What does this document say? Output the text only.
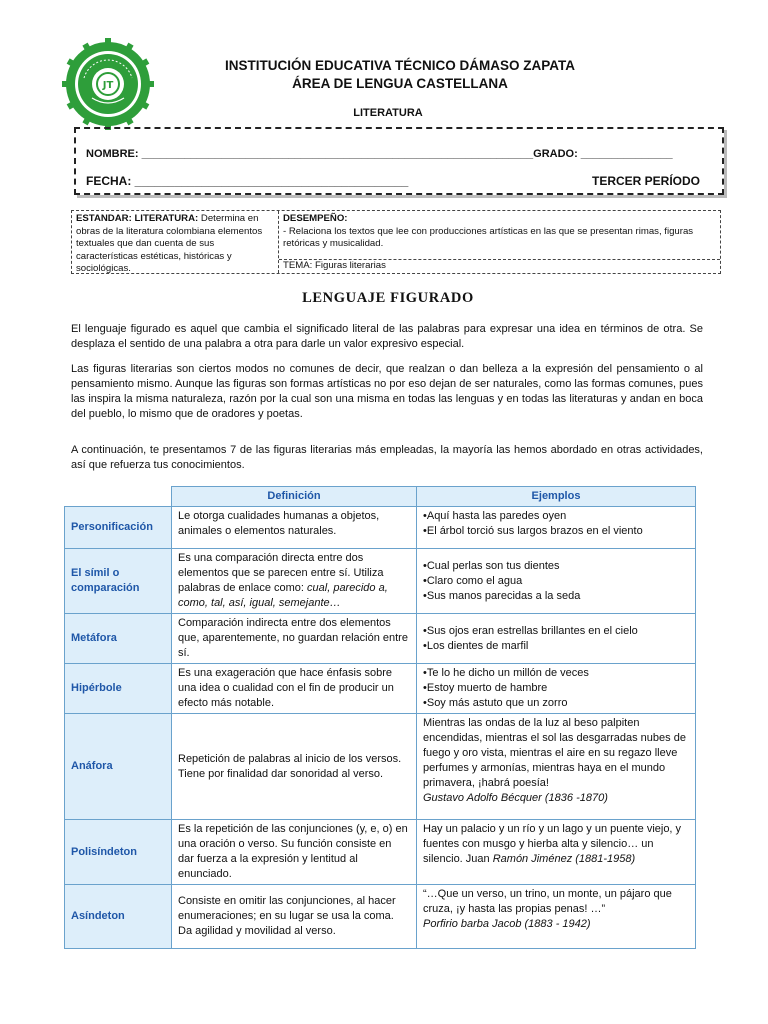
JT
INSTITUCIÓN EDUCATIVA TÉCNICO DÁMASO ZAPATA
ÁREA DE LENGUA CASTELLANA
LITERATURA
NOMBRE: ________________________________________________________________GRADO: _______________
FECHA: _________________________________________	TERCER PERÍODO
ESTANDAR: LITERATURA: Determina en obras de la literatura colombiana elementos textuales que dan cuenta de sus características estéticas, históricas y sociológicas.
DESEMPEÑO:
- Relaciona los textos que lee con producciones artísticas en las que se presentan rimas, figuras retóricas y musicalidad.
TEMA: Figuras literarias
LENGUAJE FIGURADO

El lenguaje figurado es aquel que cambia el significado literal de las palabras para expresar una idea en términos de otra. Se desplaza el sentido de una palabra a otra para darle un valor expresivo especial.

Las figuras literarias son ciertos modos no comunes de decir, que realzan o dan belleza a la expresión del pensamiento o al pensamiento mismo. Aunque las figuras son formas artísticas no por eso dejan de ser naturales, como las formas comunes, pues las inspira la misma naturaleza, razón por la cual son una misma en todas las lenguas y en todas las literaturas y andan en boca del pueblo, lo mismo que de oradores y poetas.

A continuación, te presentamos 7 de las figuras literarias más empleadas, la mayoría las hemos abordado en otras actividades, así que refuerza tus conocimientos.

	Definición	Ejemplos
Personificación	Le otorga cualidades humanas a objetos, animales o elementos naturales.	•Aquí hasta las paredes oyen
•El árbol torció sus largos brazos en el viento

El símil o comparación	Es una comparación directa entre dos elementos que se parecen entre sí. Utiliza palabras de enlace como: cual, parecido a, como, tal, así, igual, semejante…	•Cual perlas son tus dientes
•Claro como el agua
•Sus manos parecidas a la seda

Metáfora	Comparación indirecta entre dos elementos que, aparentemente, no guardan relación entre sí.	•Sus ojos eran estrellas brillantes en el cielo
•Los dientes de marfil

Hipérbole	Es una exageración que hace énfasis sobre una idea o cualidad con el fin de producir un efecto más notable.	•Te lo he dicho un millón de veces
•Estoy muerto de hambre
•Soy más astuto que un zorro

Anáfora	Repetición de palabras al inicio de los versos. Tiene por finalidad dar sonoridad al verso.	Mientras las ondas de la luz al beso palpiten encendidas, mientras el sol las desgarradas nubes de fuego y oro vista, mientras el aire en su regazo lleve perfumes y armonías, mientras haya en el mundo primavera, ¡habrá poesía!
Gustavo Adolfo Bécquer (1836 -1870)

Polisíndeton	Es la repetición de las conjunciones (y, e, o) en una oración o verso. Su función consiste en dar fuerza a la expresión y lentitud al enunciado.	Hay un palacio y un río y un lago y un puente viejo, y fuentes con musgo y hierba alta y silencio… un silencio. Juan Ramón Jiménez (1881-1958)
Asíndeton	Consiste en omitir las conjunciones, al hacer enumeraciones; en su lugar se usa la coma. Da agilidad y movilidad al verso.	“…Que un verso, un trino, un monte, un pájaro que cruza, ¡y hasta las propias penas! …”
Porfirio barba Jacob (1883 - 1942)
